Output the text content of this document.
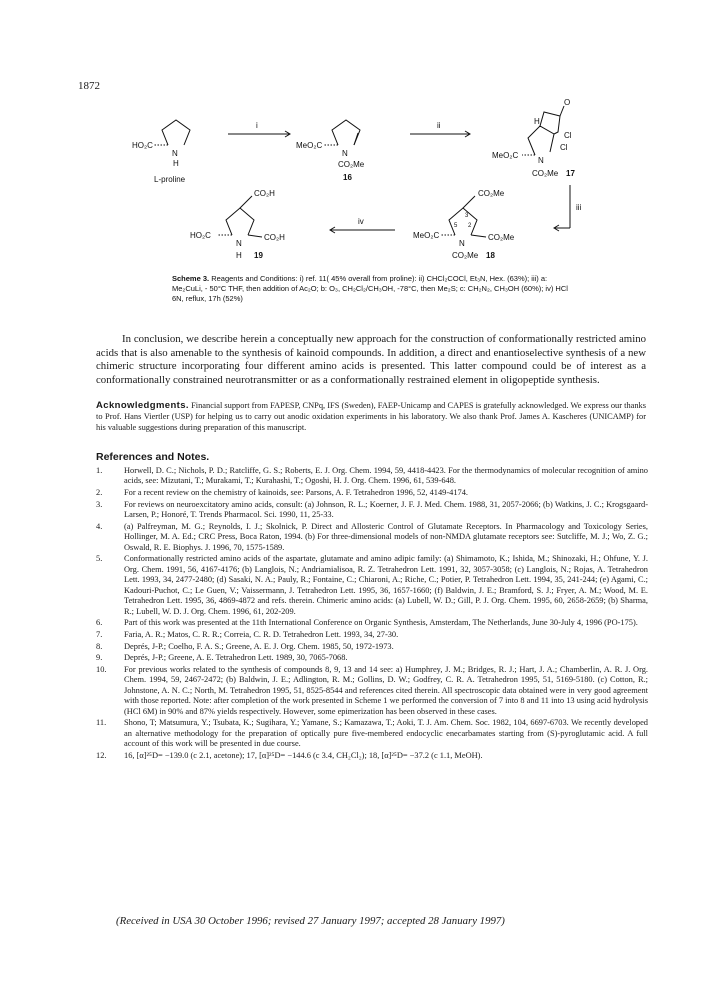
1872
HO₂C
N
H
L-proline
i
MeO₂C
N
CO₂Me
16
ii
MeO₂C
N
H
O
Cl
Cl
CO₂Me 17
iii
CO₂Me
MeO₂C
N
CO₂Me
CO₂Me 18
3
5 2
iv
CO₂H
HO₂C
N
CO₂H
H 19
Scheme 3. Reagents and Conditions: i) ref. 11( 45% overall from proline): ii) CHCl₂COCl, Et₃N, Hex. (63%); iii) a: Me₂CuLi, - 50°C THF, then addition of Ac₂O; b: O₃, CH₂Cl₂/CH₃OH, -78°C, then Me₂S; c: CH₂N₂, CH₃OH (60%); iv) HCl 6N, reflux, 17h (52%)

In conclusion, we describe herein a conceptually new approach for the construction of conformationally restricted amino acids that is also amenable to the synthesis of kainoid compounds. In addition, a direct and enantioselective synthesis of a new chimeric structure incorporating four different amino acids is presented. This latter compound could be of interest as a conformationally constrained neurotransmitter or as a conformationally restrained element in oligopeptide synthesis.

Acknowledgments. Financial support from FAPESP, CNPq, IFS (Sweden), FAEP-Unicamp and CAPES is gratefully acknowledged. We express our thanks to Prof. Hans Viertler (USP) for helping us to carry out anodic oxidation experiments in his laboratory. We also thank Prof. James A. Kascheres (UNICAMP) for his valuable suggestions during preparation of this manuscript.
References and Notes.
1.	Horwell, D. C.; Nichols, P. D.; Ratcliffe, G. S.; Roberts, E. J. Org. Chem. 1994, 59, 4418-4423. For the thermodynamics of molecular recognition of amino acids, see: Mizutani, T.; Murakami, T.; Kurahashi, T.; Ogoshi, H. J. Org. Chem. 1996, 61, 539-648.
2.	For a recent review on the chemistry of kainoids, see: Parsons, A. F. Tetrahedron 1996, 52, 4149-4174.
3.	For reviews on neuroexcitatory amino acids, consult: (a) Johnson, R. L.; Koerner, J. F. J. Med. Chem. 1988, 31, 2057-2066; (b) Watkins, J. C.; Krogsgaard-Larsen, P.; Honoré, T. Trends Pharmacol. Sci. 1990, 11, 25-33.
4.	(a) Palfreyman, M. G.; Reynolds, I. J.; Skolnick, P. Direct and Allosteric Control of Glutamate Receptors. In Pharmacology and Toxicology Series, Hollinger, M. A. Ed.; CRC Press, Boca Raton, 1994. (b) For three-dimensional models of non-NMDA glutamate receptors see: Sutcliffe, M. J.; Wo, Z. G.; Oswald, R. E. Biophys. J. 1996, 70, 1575-1589.
5.	Conformationally restricted amino acids of the aspartate, glutamate and amino adipic family: (a) Shimamoto, K.; Ishida, M.; Shinozaki, H.; Ohfune, Y. J. Org. Chem. 1991, 56, 4167-4176; (b) Langlois, N.; Andriamialisoa, R. Z. Tetrahedron Lett. 1991, 32, 3057-3058; (c) Langlois, N.; Rojas, A. Tetrahedron Lett. 1993, 34, 2477-2480; (d) Sasaki, N. A.; Pauly, R.; Fontaine, C.; Chiaroni, A.; Riche, C.; Potier, P. Tetrahedron Lett. 1994, 35, 241-244; (e) Agami, C.; Kadouri-Puchot, C.; Le Guen, V.; Vaissermann, J. Tetrahedron Lett. 1995, 36, 1657-1660; (f) Baldwin, J. E.; Bramford, S. J.; Fryer, A. M.; Wood, M. E. Tetrahedron Lett. 1995, 36, 4869-4872 and refs. therein. Chimeric amino acids: (a) Lubell, W. D.; Gill, P. J. Org. Chem. 1995, 60, 2658-2659; (b) Sharma, R.; Lubell, W. D. J. Org. Chem. 1996, 61, 202-209.
6.	Part of this work was presented at the 11th International Conference on Organic Synthesis, Amsterdam, The Netherlands, June 30-July 4, 1996 (PO-175).
7.	Faria, A. R.; Matos, C. R. R.; Correia, C. R. D. Tetrahedron Lett. 1993, 34, 27-30.
8.	Deprés, J-P.; Coelho, F. A. S.; Greene, A. E. J. Org. Chem. 1985, 50, 1972-1973.
9.	Deprés, J-P.; Greene, A. E. Tetrahedron Lett. 1989, 30, 7065-7068.
10. For previous works related to the synthesis of compounds 8, 9, 13 and 14 see: a) Humphrey, J. M.; Bridges, R. J.; Hart, J. A.; Chamberlin, A. R. J. Org. Chem. 1994, 59, 2467-2472; (b) Baldwin, J. E.; Adlington, R. M.; Gollins, D. W.; Godfrey, C. R. A. Tetrahedron 1995, 51, 5169-5180. (c) Cotton, R.; Johnstone, A. N. C.; North, M. Tetrahedron 1995, 51, 8525-8544 and references cited therein. All spectroscopic data obtained were in very good agreement with those reported. Note: after completion of the work presented in Scheme 1 we performed the conversion of 7 into 8 and 11 into 13 using acid hydrolysis (HCl 6M) in 90% and 87% yields respectively. However, some epimerization has been observed in these cases.
11. Shono, T; Matsumura, Y.; Tsubata, K.; Sugihara, Y.; Yamane, S.; Kamazawa, T.; Aoki, T. J. Am. Chem. Soc. 1982, 104, 6697-6703. We recently developed an alternative methodology for the preparation of optically pure five-membered endocyclic enecarbamates starting from (S)-pyroglutamic acid. A full account of this work will be presented in due course.
12. 16, [α]²⁵D= −139.0 (c 2.1, acetone); 17, [α]²⁵D= −144.6 (c 3.4, CH₂Cl₂); 18, [α]²⁵D= −37.2 (c 1.1, MeOH).
(Received in USA 30 October 1996; revised 27 January 1997; accepted 28 January 1997)
